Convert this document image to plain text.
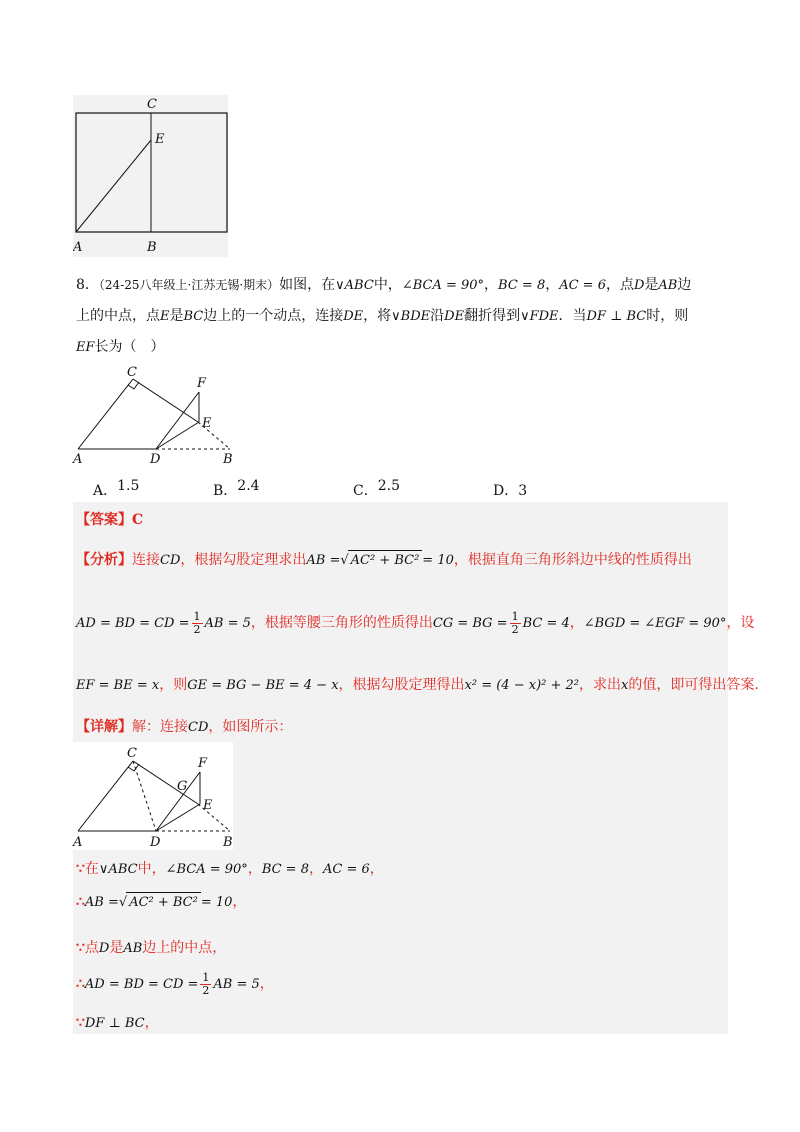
C
E
A	B
8．（24-25八年级上·江苏无锡·期末）如图，在∨ABC中，∠BCA = 90°，BC = 8，AC = 6，点D是AB边
上的中点，点E是BC边上的一个动点，连接DE，将∨BDE沿DE翻折得到∨FDE．当DF ⊥ BC时，则
EF长为（　）
C
F
E
A	D	B
A．1.5	B．2.4	C．2.5	D．3
【答案】C
【分析】连接CD，根据勾股定理求出AB =√ AC² + BC² = 10，根据直角三角形斜边中线的性质得出
AD = BD = CD = $\frac{1}{2}$ AB = 5，根据等腰三角形的性质得出CG = BG = $\frac{1}{2}$ BC = 4，∠BGD = ∠EGF = 90°，设
EF = BE = x，则GE = BG − BE = 4 − x，根据勾股定理得出x² = (4 − x)² + 2²，求出x的值，即可得出答案.
【详解】解：连接CD，如图所示：
C
F
G
E
A	D	B
∵在∨ABC中，∠BCA = 90°，BC = 8，AC = 6，
∴AB =√ AC² + BC² = 10，
∵点D是AB边上的中点，
∴AD = BD = CD = $\frac{1}{2}$ AB = 5，
∵DF ⊥ BC，
